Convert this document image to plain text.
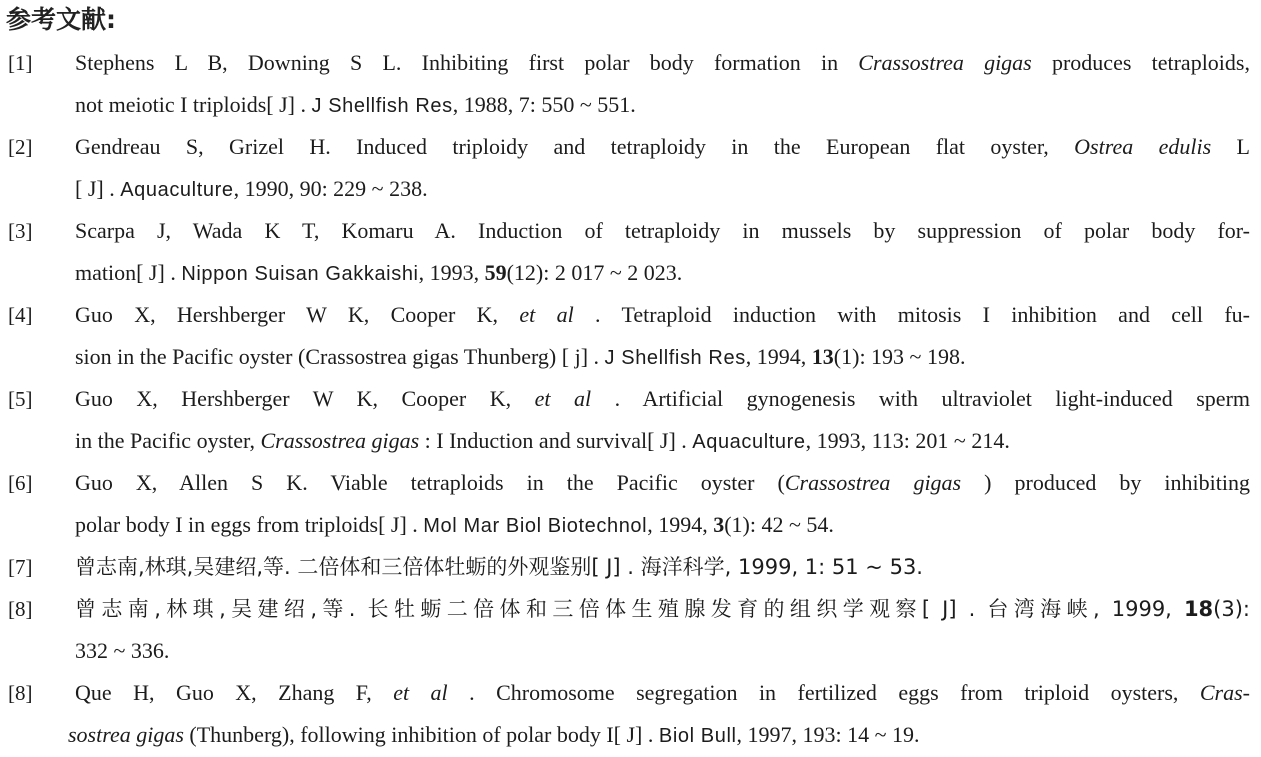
参考文献:
[1]	Stephens L B, Downing S L. Inhibiting first polar body formation in Crassostrea gigas produces tetraploids,
not meiotic I triploids[ J] . J Shellfish Res, 1988, 7: 550 ~ 551.
[2]	Gendreau S, Grizel H. Induced triploidy and tetraploidy in the European flat oyster, Ostrea edulis L
[ J] . Aquaculture, 1990, 90: 229 ~ 238.
[3]	Scarpa J, Wada K T, Komaru A. Induction of tetraploidy in mussels by suppression of polar body for-
mation[ J] . Nippon Suisan Gakkaishi, 1993, 59(12): 2 017 ~ 2 023.
[4]	Guo X, Hershberger W K, Cooper K, et al . Tetraploid induction with mitosis I inhibition and cell fu-
sion in the Pacific oyster (Crassostrea gigas Thunberg) [ j] . J Shellfish Res, 1994, 13(1): 193 ~ 198.
[5]	Guo X, Hershberger W K, Cooper K, et al . Artificial gynogenesis with ultraviolet light-induced sperm
in the Pacific oyster, Crassostrea gigas : I Induction and survival[ J] . Aquaculture, 1993, 113: 201 ~ 214.
[6]	Guo X, Allen S K. Viable tetraploids in the Pacific oyster (Crassostrea gigas ) produced by inhibiting
polar body I in eggs from triploids[ J] . Mol Mar Biol Biotechnol, 1994, 3(1): 42 ~ 54.
[7]	曾志南,林琪,吴建绍,等. 二倍体和三倍体牡蛎的外观鉴别[ J] . 海洋科学, 1999, 1: 51 ~ 53.
[8]	曾志南,林琪,吴建绍,等. 长牡蛎二倍体和三倍体生殖腺发育的组织学观察[ J] . 台湾海峡, 1999, 18(3):
332 ~ 336.
[8]	Que H, Guo X, Zhang F, et al . Chromosome segregation in fertilized eggs from triploid oysters, Cras-
sostrea gigas (Thunberg), following inhibition of polar body I[ J] . Biol Bull, 1997, 193: 14 ~ 19.
